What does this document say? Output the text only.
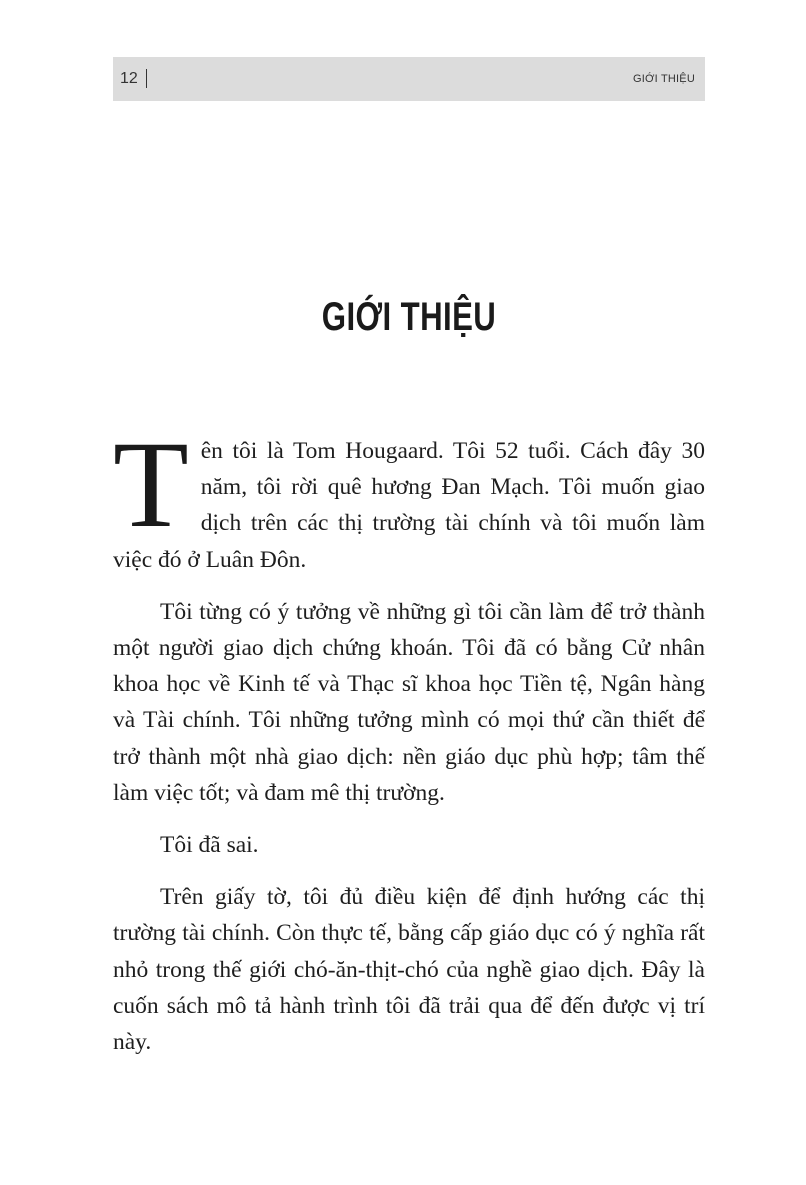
12	GIỚI THIỆU
GIỚI THIỆU

Tên tôi là Tom Hougaard. Tôi 52 tuổi. Cách đây 30 năm, tôi rời quê hương Đan Mạch. Tôi muốn giao dịch trên các thị trường tài chính và tôi muốn làm việc đó ở Luân Đôn.

Tôi từng có ý tưởng về những gì tôi cần làm để trở thành một người giao dịch chứng khoán. Tôi đã có bằng Cử nhân khoa học về Kinh tế và Thạc sĩ khoa học Tiền tệ, Ngân hàng và Tài chính. Tôi những tưởng mình có mọi thứ cần thiết để trở thành một nhà giao dịch: nền giáo dục phù hợp; tâm thế làm việc tốt; và đam mê thị trường.

Tôi đã sai.

Trên giấy tờ, tôi đủ điều kiện để định hướng các thị trường tài chính. Còn thực tế, bằng cấp giáo dục có ý nghĩa rất nhỏ trong thế giới chó-ăn-thịt-chó của nghề giao dịch. Đây là cuốn sách mô tả hành trình tôi đã trải qua để đến được vị trí này.
